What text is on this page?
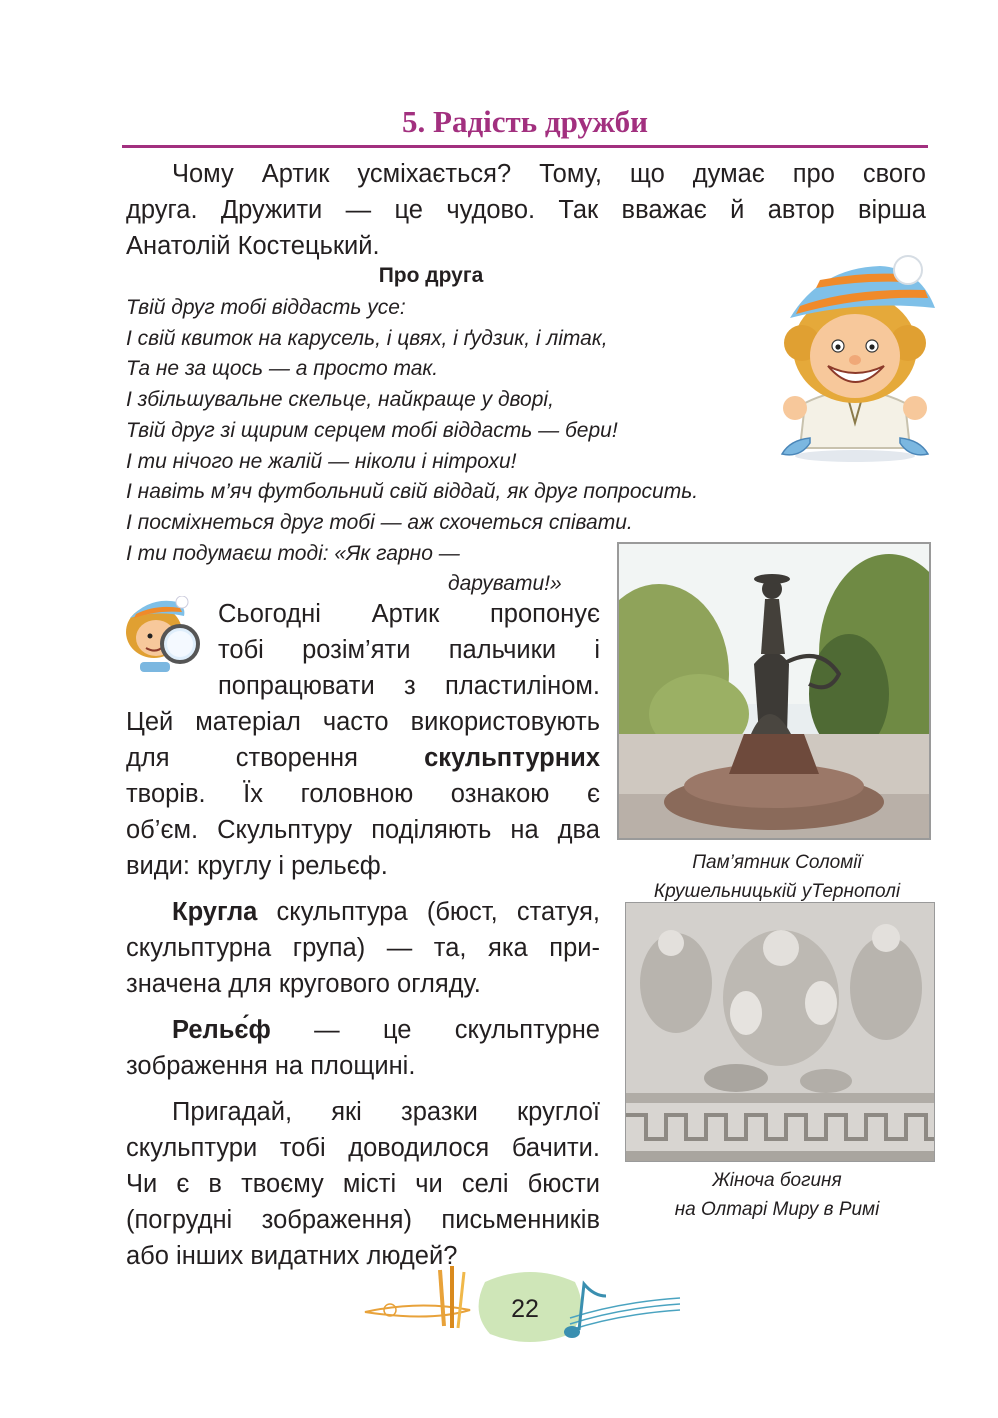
5. Радість дружби
Чому Артик усміхається? Тому, що думає про свого
друга. Дружити — це чудово. Так вважає й автор вірша
Анатолій Костецький.
Про друга
Твій друг тобі віддасть усе:
І свій квиток на карусель, і цвях, і ґудзик, і літак,
Та не за щось — а просто так.
І збільшувальне скельце, найкраще у дворі,
Твій друг зі щирим серцем тобі віддасть — бери!
І ти нічого не жалій — ніколи і нітрохи!
І навіть м’яч футбольний свій віддай, як друг попросить.
І посміхнеться друг тобі — аж схочеться співати.
І ти подумаєш тоді: «Як гарно —
дарувати!»
Сьогодні Артик пропонує
тобі розім’яти пальчики і
попрацювати з пластиліном.
Цей матеріал часто використовують
для створення скульптурних
творів. Їх головною ознакою є
об’єм. Скульптуру поділяють на два
види: круглу і рельєф.
Кругла скульптура (бюст, статуя,
скульптурна група) — та, яка при-
значена для кругового огляду.
Рельє́ф — це скульптурне
зображення на площині.
Пригадай, які зразки круглої
скульптури тобі доводилося бачити.
Чи є в твоєму місті чи селі бюсти
(погрудні зображення) письменників
або інших видатних людей?
Пам’ятник Соломії
Крушельницькій уТернополі
Жіноча богиня
на Олтарі Миру в Римі
22
